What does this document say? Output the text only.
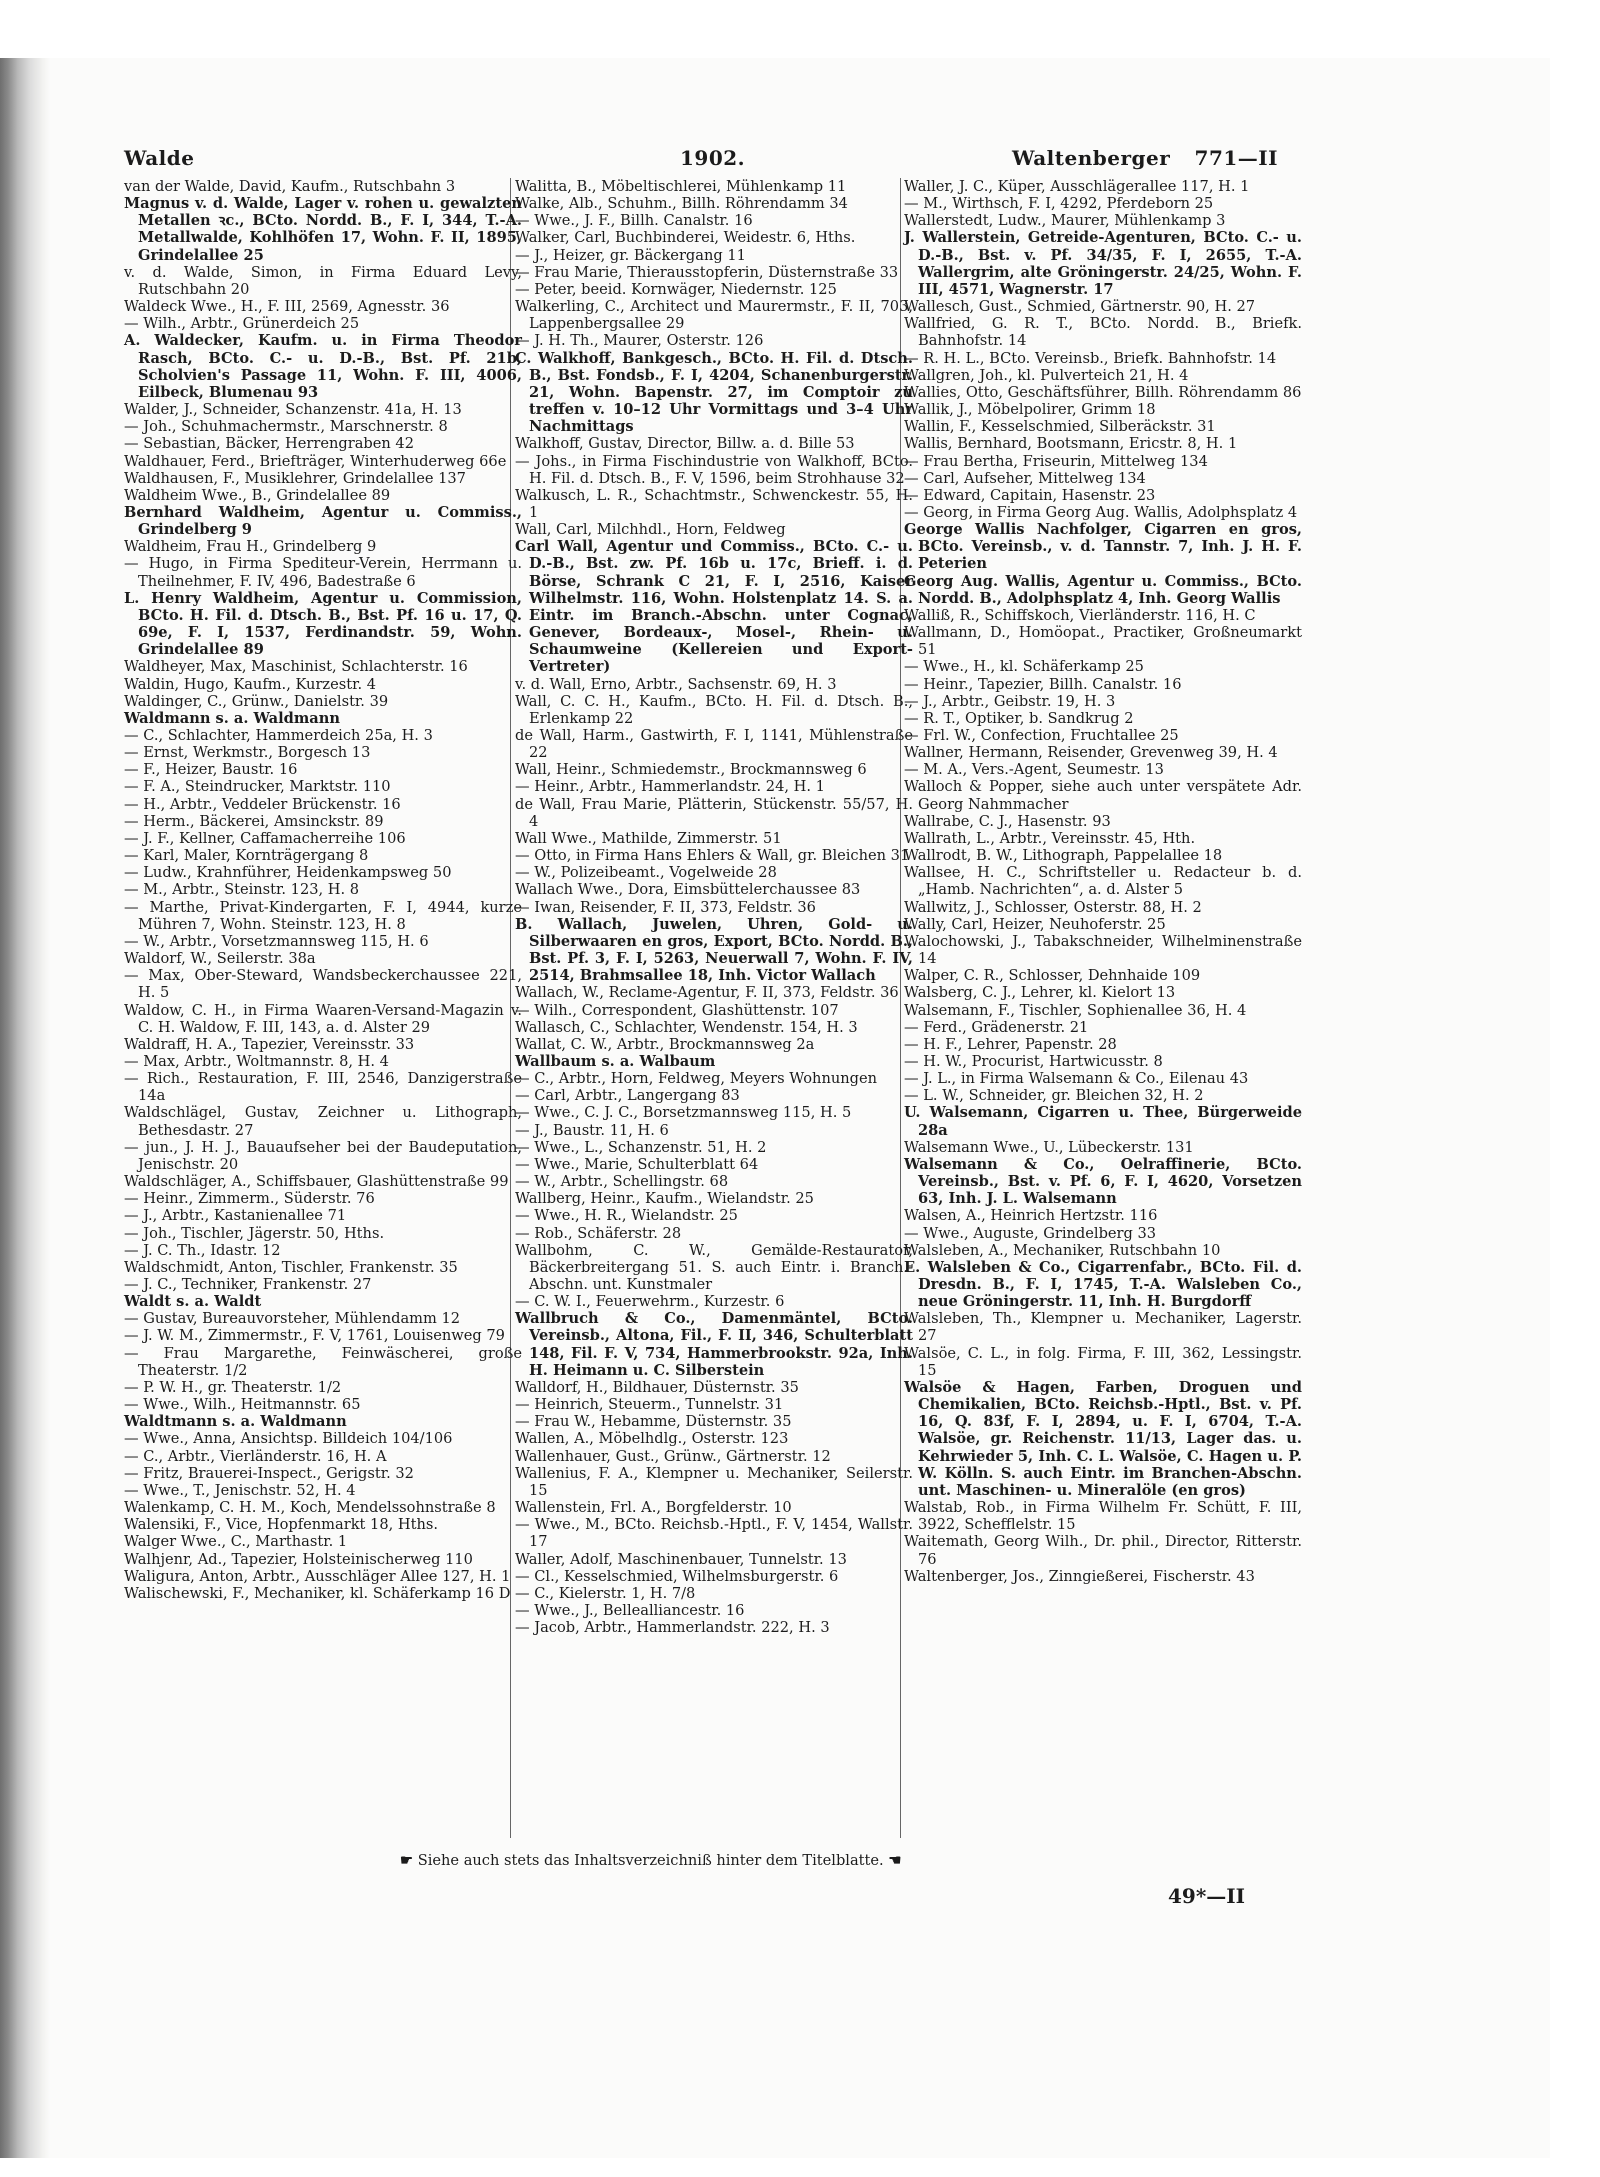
Walde	1902.	Waltenberger 771—II

van der Walde, David, Kaufm., Rutschbahn 3

Magnus v. d. Walde, Lager v. rohen u. gewalzten Metallen ꝛc., BCto. Nordd. B., F. I, 344, T.-A. Metallwalde, Kohlhöfen 17, Wohn. F. II, 1895, Grindelallee 25

v. d. Walde, Simon, in Firma Eduard Levy, Rutschbahn 20

Waldeck Wwe., H., F. III, 2569, Agnesstr. 36

— Wilh., Arbtr., Grünerdeich 25

A. Waldecker, Kaufm. u. in Firma Theodor Rasch, BCto. C.- u. D.-B., Bst. Pf. 21b, Scholvien's Passage 11, Wohn. F. III, 4006, Eilbeck, Blumenau 93

Walder, J., Schneider, Schanzenstr. 41a, H. 13

— Joh., Schuhmachermstr., Marschnerstr. 8

— Sebastian, Bäcker, Herrengraben 42

Waldhauer, Ferd., Briefträger, Winterhuderweg 66e

Waldhausen, F., Musiklehrer, Grindelallee 137

Waldheim Wwe., B., Grindelallee 89

Bernhard Waldheim, Agentur u. Commiss., Grindelberg 9

Waldheim, Frau H., Grindelberg 9

— Hugo, in Firma Spediteur-Verein, Herrmann u. Theilnehmer, F. IV, 496, Badestraße 6

L. Henry Waldheim, Agentur u. Commission, BCto. H. Fil. d. Dtsch. B., Bst. Pf. 16 u. 17, Q. 69e, F. I, 1537, Ferdinandstr. 59, Wohn. Grindelallee 89

Waldheyer, Max, Maschinist, Schlachterstr. 16

Waldin, Hugo, Kaufm., Kurzestr. 4

Waldinger, C., Grünw., Danielstr. 39

Waldmann s. a. Waldmann

— C., Schlachter, Hammerdeich 25a, H. 3

— Ernst, Werkmstr., Borgesch 13

— F., Heizer, Baustr. 16

— F. A., Steindrucker, Marktstr. 110

— H., Arbtr., Veddeler Brückenstr. 16

— Herm., Bäckerei, Amsinckstr. 89

— J. F., Kellner, Caffamacherreihe 106

— Karl, Maler, Kornträgergang 8

— Ludw., Krahnführer, Heidenkampsweg 50

— M., Arbtr., Steinstr. 123, H. 8

— Marthe, Privat-Kindergarten, F. I, 4944, kurze Mühren 7, Wohn. Steinstr. 123, H. 8

— W., Arbtr., Vorsetzmannsweg 115, H. 6

Waldorf, W., Seilerstr. 38a

— Max, Ober-Steward, Wandsbeckerchaussee 221, H. 5

Waldow, C. H., in Firma Waaren-Versand-Magazin v. C. H. Waldow, F. III, 143, a. d. Alster 29

Waldraff, H. A., Tapezier, Vereinsstr. 33

— Max, Arbtr., Woltmannstr. 8, H. 4

— Rich., Restauration, F. III, 2546, Danzigerstraße 14a

Waldschlägel, Gustav, Zeichner u. Lithograph, Bethesdastr. 27

— jun., J. H. J., Bauaufseher bei der Baudeputation, Jenischstr. 20

Waldschläger, A., Schiffsbauer, Glashüttenstraße 99

— Heinr., Zimmerm., Süderstr. 76

— J., Arbtr., Kastanienallee 71

— Joh., Tischler, Jägerstr. 50, Hths.

— J. C. Th., Idastr. 12

Waldschmidt, Anton, Tischler, Frankenstr. 35

— J. C., Techniker, Frankenstr. 27

Waldt s. a. Waldt

— Gustav, Bureauvorsteher, Mühlendamm 12

— J. W. M., Zimmermstr., F. V, 1761, Louisenweg 79

— Frau Margarethe, Feinwäscherei, große Theaterstr. 1/2

— P. W. H., gr. Theaterstr. 1/2

— Wwe., Wilh., Heitmannstr. 65

Waldtmann s. a. Waldmann

— Wwe., Anna, Ansichtsp. Billdeich 104/106

— C., Arbtr., Vierländerstr. 16, H. A

— Fritz, Brauerei-Inspect., Gerigstr. 32

— Wwe., T., Jenischstr. 52, H. 4

Walenkamp, C. H. M., Koch, Mendelssohnstraße 8

Walensiki, F., Vice, Hopfenmarkt 18, Hths.

Walger Wwe., C., Marthastr. 1

Walhjenr, Ad., Tapezier, Holsteinischerweg 110

Waligura, Anton, Arbtr., Ausschläger Allee 127, H. 1

Walischewski, F., Mechaniker, kl. Schäferkamp 16 D

Walitta, B., Möbeltischlerei, Mühlenkamp 11

Walke, Alb., Schuhm., Billh. Röhrendamm 34

— Wwe., J. F., Billh. Canalstr. 16

Walker, Carl, Buchbinderei, Weidestr. 6, Hths.

— J., Heizer, gr. Bäckergang 11

— Frau Marie, Thierausstopferin, Düsternstraße 33

— Peter, beeid. Kornwäger, Niedernstr. 125

Walkerling, C., Architect und Maurermstr., F. II, 703, Lappenbergsallee 29

— J. H. Th., Maurer, Osterstr. 126

C. Walkhoff, Bankgesch., BCto. H. Fil. d. Dtsch. B., Bst. Fondsb., F. I, 4204, Schanenburgerstr. 21, Wohn. Bapenstr. 27, im Comptoir zu treffen v. 10–12 Uhr Vormittags und 3–4 Uhr Nachmittags

Walkhoff, Gustav, Director, Billw. a. d. Bille 53

— Johs., in Firma Fischindustrie von Walkhoff, BCto. H. Fil. d. Dtsch. B., F. V, 1596, beim Strohhause 32

Walkusch, L. R., Schachtmstr., Schwenckestr. 55, H. 1

Wall, Carl, Milchhdl., Horn, Feldweg

Carl Wall, Agentur und Commiss., BCto. C.- u. D.-B., Bst. zw. Pf. 16b u. 17c, Brieff. i. d. Börse, Schrank C 21, F. I, 2516, Kaiser Wilhelmstr. 116, Wohn. Holstenplatz 14. S. a. Eintr. im Branch.-Abschn. unter Cognac, Genever, Bordeaux-, Mosel-, Rhein- u. Schaumweine (Kellereien und Export-Vertreter)

v. d. Wall, Erno, Arbtr., Sachsenstr. 69, H. 3

Wall, C. C. H., Kaufm., BCto. H. Fil. d. Dtsch. B., Erlenkamp 22

de Wall, Harm., Gastwirth, F. I, 1141, Mühlenstraße 22

Wall, Heinr., Schmiedemstr., Brockmannsweg 6

— Heinr., Arbtr., Hammerlandstr. 24, H. 1

de Wall, Frau Marie, Plätterin, Stückenstr. 55/57, H. 4

Wall Wwe., Mathilde, Zimmerstr. 51

— Otto, in Firma Hans Ehlers & Wall, gr. Bleichen 31

— W., Polizeibeamt., Vogelweide 28

Wallach Wwe., Dora, Eimsbüttelerchaussee 83

— Iwan, Reisender, F. II, 373, Feldstr. 36

B. Wallach, Juwelen, Uhren, Gold- u. Silberwaaren en gros, Export, BCto. Nordd. B., Bst. Pf. 3, F. I, 5263, Neuerwall 7, Wohn. F. IV, 2514, Brahmsallee 18, Inh. Victor Wallach

Wallach, W., Reclame-Agentur, F. II, 373, Feldstr. 36

— Wilh., Correspondent, Glashüttenstr. 107

Wallasch, C., Schlachter, Wendenstr. 154, H. 3

Wallat, C. W., Arbtr., Brockmannsweg 2a

Wallbaum s. a. Walbaum

— C., Arbtr., Horn, Feldweg, Meyers Wohnungen

— Carl, Arbtr., Langergang 83

— Wwe., C. J. C., Borsetzmannsweg 115, H. 5

— J., Baustr. 11, H. 6

— Wwe., L., Schanzenstr. 51, H. 2

— Wwe., Marie, Schulterblatt 64

— W., Arbtr., Schellingstr. 68

Wallberg, Heinr., Kaufm., Wielandstr. 25

— Wwe., H. R., Wielandstr. 25

— Rob., Schäferstr. 28

Wallbohm, C. W., Gemälde-Restaurator, Bäckerbreitergang 51. S. auch Eintr. i. Branch.-Abschn. unt. Kunstmaler

— C. W. I., Feuerwehrm., Kurzestr. 6

Wallbruch & Co., Damenmäntel, BCto. Vereinsb., Altona, Fil., F. II, 346, Schulterblatt 148, Fil. F. V, 734, Hammerbrookstr. 92a, Inh. H. Heimann u. C. Silberstein

Walldorf, H., Bildhauer, Düsternstr. 35

— Heinrich, Steuerm., Tunnelstr. 31

— Frau W., Hebamme, Düsternstr. 35

Wallen, A., Möbelhdlg., Osterstr. 123

Wallenhauer, Gust., Grünw., Gärtnerstr. 12

Wallenius, F. A., Klempner u. Mechaniker, Seilerstr. 15

Wallenstein, Frl. A., Borgfelderstr. 10

— Wwe., M., BCto. Reichsb.-Hptl., F. V, 1454, Wallstr. 17

Waller, Adolf, Maschinenbauer, Tunnelstr. 13

— Cl., Kesselschmied, Wilhelmsburgerstr. 6

— C., Kielerstr. 1, H. 7/8

— Wwe., J., Bellealliancestr. 16

— Jacob, Arbtr., Hammerlandstr. 222, H. 3

Waller, J. C., Küper, Ausschlägerallee 117, H. 1

— M., Wirthsch, F. I, 4292, Pferdeborn 25

Wallerstedt, Ludw., Maurer, Mühlenkamp 3

J. Wallerstein, Getreide-Agenturen, BCto. C.- u. D.-B., Bst. v. Pf. 34/35, F. I, 2655, T.-A. Wallergrim, alte Gröningerstr. 24/25, Wohn. F. III, 4571, Wagnerstr. 17

Wallesch, Gust., Schmied, Gärtnerstr. 90, H. 27

Wallfried, G. R. T., BCto. Nordd. B., Briefk. Bahnhofstr. 14

— R. H. L., BCto. Vereinsb., Briefk. Bahnhofstr. 14

Wallgren, Joh., kl. Pulverteich 21, H. 4

Wallies, Otto, Geschäftsführer, Billh. Röhrendamm 86

Wallik, J., Möbelpolirer, Grimm 18

Wallin, F., Kesselschmied, Silberäckstr. 31

Wallis, Bernhard, Bootsmann, Ericstr. 8, H. 1

— Frau Bertha, Friseurin, Mittelweg 134

— Carl, Aufseher, Mittelweg 134

— Edward, Capitain, Hasenstr. 23

— Georg, in Firma Georg Aug. Wallis, Adolphsplatz 4

George Wallis Nachfolger, Cigarren en gros, BCto. Vereinsb., v. d. Tannstr. 7, Inh. J. H. F. Peterien

Georg Aug. Wallis, Agentur u. Commiss., BCto. Nordd. B., Adolphsplatz 4, Inh. Georg Wallis

Walliß, R., Schiffskoch, Vierländerstr. 116, H. C

Wallmann, D., Homöopat., Practiker, Großneumarkt 51

— Wwe., H., kl. Schäferkamp 25

— Heinr., Tapezier, Billh. Canalstr. 16

— J., Arbtr., Geibstr. 19, H. 3

— R. T., Optiker, b. Sandkrug 2

— Frl. W., Confection, Fruchtallee 25

Wallner, Hermann, Reisender, Grevenweg 39, H. 4

— M. A., Vers.-Agent, Seumestr. 13

Walloch & Popper, siehe auch unter verspätete Adr. Georg Nahmmacher

Wallrabe, C. J., Hasenstr. 93

Wallrath, L., Arbtr., Vereinsstr. 45, Hth.

Wallrodt, B. W., Lithograph, Pappelallee 18

Wallsee, H. C., Schriftsteller u. Redacteur b. d. „Hamb. Nachrichten“, a. d. Alster 5

Wallwitz, J., Schlosser, Osterstr. 88, H. 2

Wally, Carl, Heizer, Neuhoferstr. 25

Walochowski, J., Tabakschneider, Wilhelminenstraße 14

Walper, C. R., Schlosser, Dehnhaide 109

Walsberg, C. J., Lehrer, kl. Kielort 13

Walsemann, F., Tischler, Sophienallee 36, H. 4

— Ferd., Grädenerstr. 21

— H. F., Lehrer, Papenstr. 28

— H. W., Procurist, Hartwicusstr. 8

— J. L., in Firma Walsemann & Co., Eilenau 43

— L. W., Schneider, gr. Bleichen 32, H. 2

U. Walsemann, Cigarren u. Thee, Bürgerweide 28a

Walsemann Wwe., U., Lübeckerstr. 131

Walsemann & Co., Oelraffinerie, BCto. Vereinsb., Bst. v. Pf. 6, F. I, 4620, Vorsetzen 63, Inh. J. L. Walsemann

Walsen, A., Heinrich Hertzstr. 116

— Wwe., Auguste, Grindelberg 33

Walsleben, A., Mechaniker, Rutschbahn 10

E. Walsleben & Co., Cigarrenfabr., BCto. Fil. d. Dresdn. B., F. I, 1745, T.-A. Walsleben Co., neue Gröningerstr. 11, Inh. H. Burgdorff

Walsleben, Th., Klempner u. Mechaniker, Lagerstr. 27

Walsöe, C. L., in folg. Firma, F. III, 362, Lessingstr. 15

Walsöe & Hagen, Farben, Droguen und Chemikalien, BCto. Reichsb.-Hptl., Bst. v. Pf. 16, Q. 83f, F. I, 2894, u. F. I, 6704, T.-A. Walsöe, gr. Reichenstr. 11/13, Lager das. u. Kehrwieder 5, Inh. C. L. Walsöe, C. Hagen u. P. W. Kölln. S. auch Eintr. im Branchen-Abschn. unt. Maschinen- u. Mineralöle (en gros)

Walstab, Rob., in Firma Wilhelm Fr. Schütt, F. III, 3922, Schefflelstr. 15

Waitemath, Georg Wilh., Dr. phil., Director, Ritterstr. 76

Waltenberger, Jos., Zinngießerei, Fischerstr. 43

☛ Siehe auch stets das Inhaltsverzeichniß hinter dem Titelblatte. ☚
49*—II
